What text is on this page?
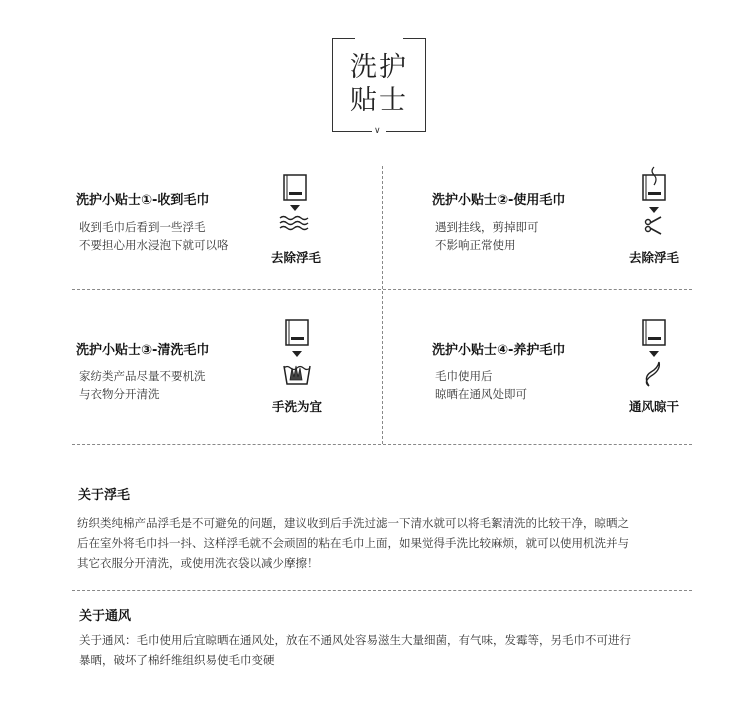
∨
洗护
贴士
洗护小贴士①-收到毛巾
收到毛巾后看到一些浮毛
不要担心用水浸泡下就可以咯
去除浮毛
洗护小贴士②-使用毛巾
遇到挂线，剪掉即可
不影响正常使用
去除浮毛
洗护小贴士③-清洗毛巾
家纺类产品尽量不要机洗
与衣物分开清洗
手洗为宜
洗护小贴士④-养护毛巾
毛巾使用后
晾晒在通风处即可
通风晾干
关于浮毛
纺织类纯棉产品浮毛是不可避免的问题，建议收到后手洗过滤一下清水就可以将毛絮清洗的比较干净，晾晒之
后在室外将毛巾抖一抖、这样浮毛就不会顽固的粘在毛巾上面，如果觉得手洗比较麻烦，就可以使用机洗并与
其它衣服分开清洗，或使用洗衣袋以减少摩擦！
关于通风
关于通风：毛巾使用后宜晾晒在通风处，放在不通风处容易滋生大量细菌，有气味，发霉等，另毛巾不可进行
暴晒，破坏了棉纤维组织易使毛巾变硬
